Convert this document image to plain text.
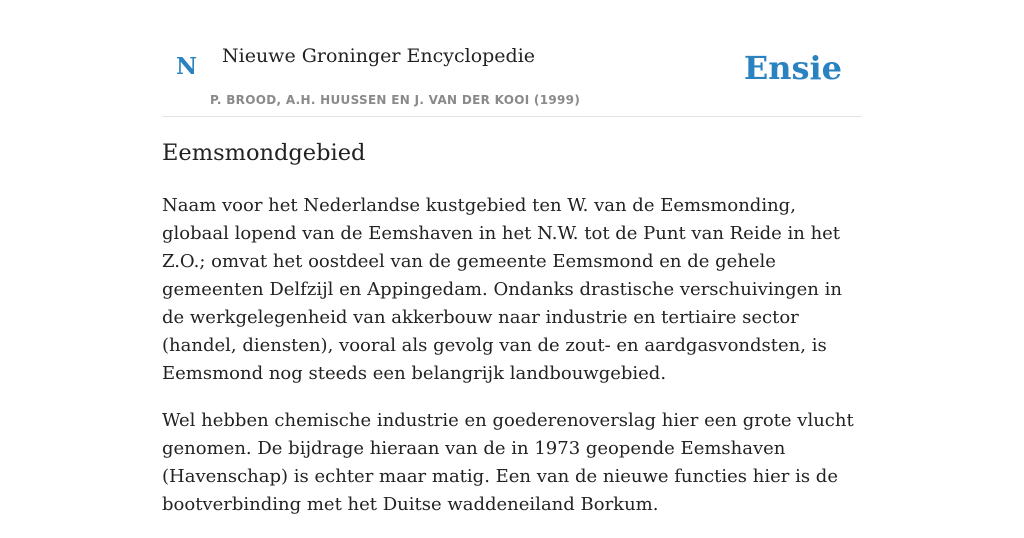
N Nieuwe Groninger Encyclopedie
P. BROOD, A.H. HUUSSEN EN J. VAN DER KOOI (1999)
Ensie
Eemsmondgebied

Naam voor het Nederlandse kustgebied ten W. van de Eemsmonding, globaal lopend van de Eemshaven in het N.W. tot de Punt van Reide in het Z.O.; omvat het oostdeel van de gemeente Eemsmond en de gehele gemeenten Delfzijl en Appingedam. Ondanks drastische verschuivingen in de werkgelegenheid van akkerbouw naar industrie en tertiaire sector (handel, diensten), vooral als gevolg van de zout- en aardgasvondsten, is Eemsmond nog steeds een belangrijk landbouwgebied.

Wel hebben chemische industrie en goederenoverslag hier een grote vlucht genomen. De bijdrage hieraan van de in 1973 geopende Eemshaven (Havenschap) is echter maar matig. Een van de nieuwe functies hier is de bootverbinding met het Duitse waddeneiland Borkum.
